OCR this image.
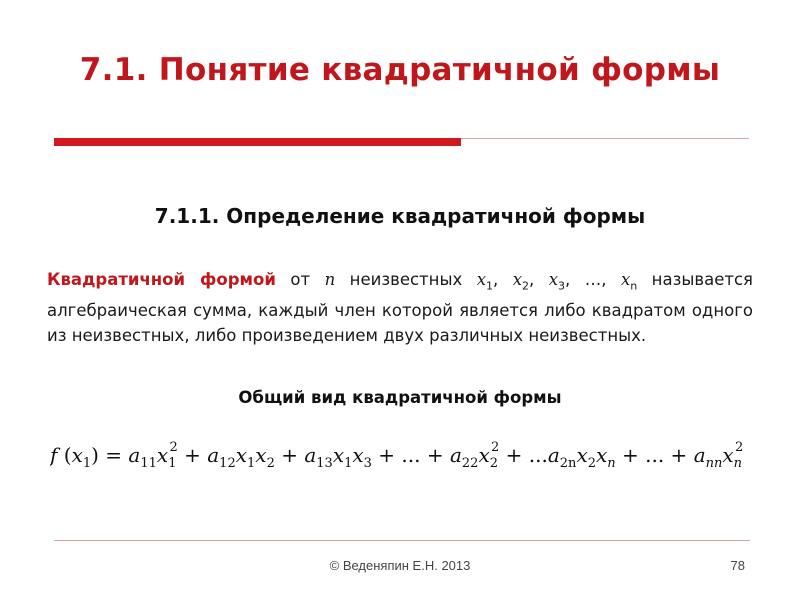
7.1. Понятие квадратичной формы
7.1.1. Определение квадратичной формы
Квадратичной формой от n неизвестных $x_1$, $x_2$, $x_3$, …, $x_n$ называется алгебраическая сумма, каждый член которой является либо квадратом одного из неизвестных, либо произведением двух различных неизвестных.
Общий вид квадратичной формы
f $(x_1) = a_{11}x_12 + a_{12}x_1x_2 + a_{13}x_1x_3$ + ... + $a_{22}x_22 + ...a_{2n}x_2x_n$ + ... + $a_{nn}x_n2$
© Веденяпин Е.Н. 2013	78
